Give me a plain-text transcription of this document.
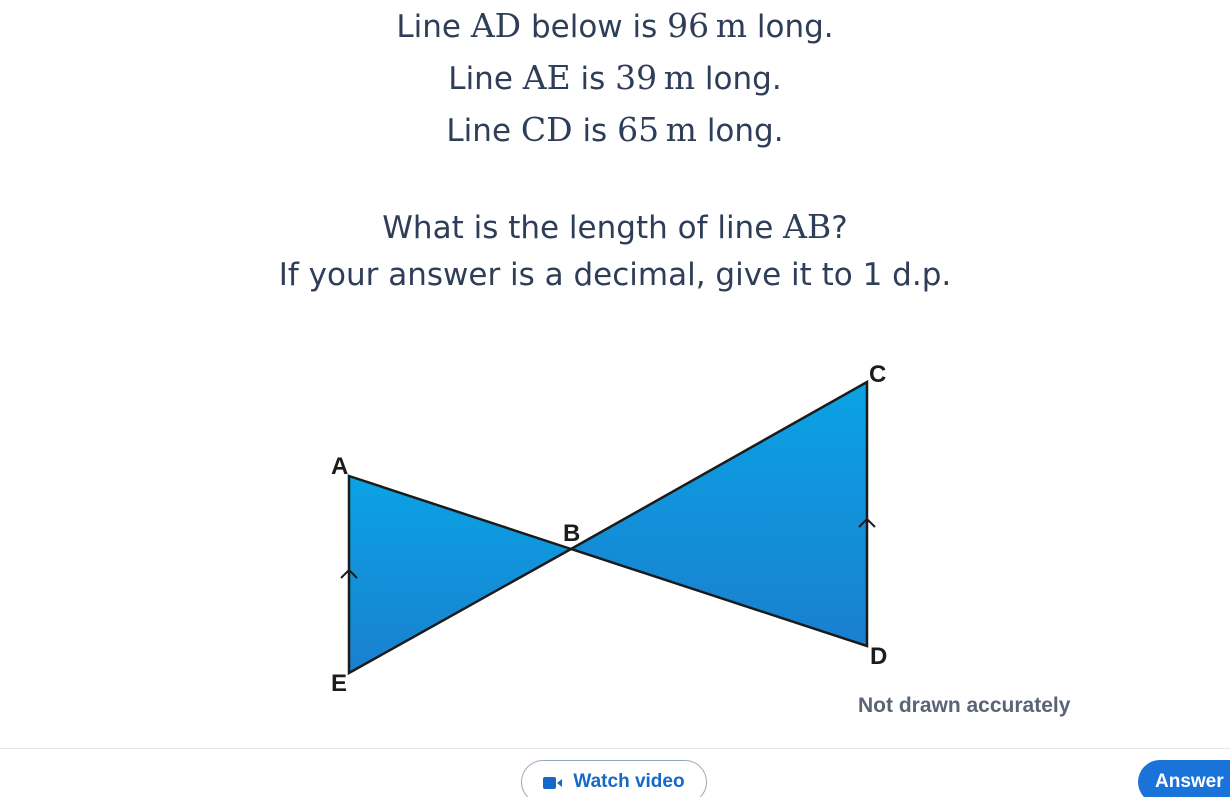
Line AD below is 96  m long.
Line AE is 39  m long.
Line CD is 65  m long.
What is the length of line AB?
If your answer is a decimal, give it to 1 d.p.
A
B
C
D
E
Not drawn accurately
Watch video	Answer
